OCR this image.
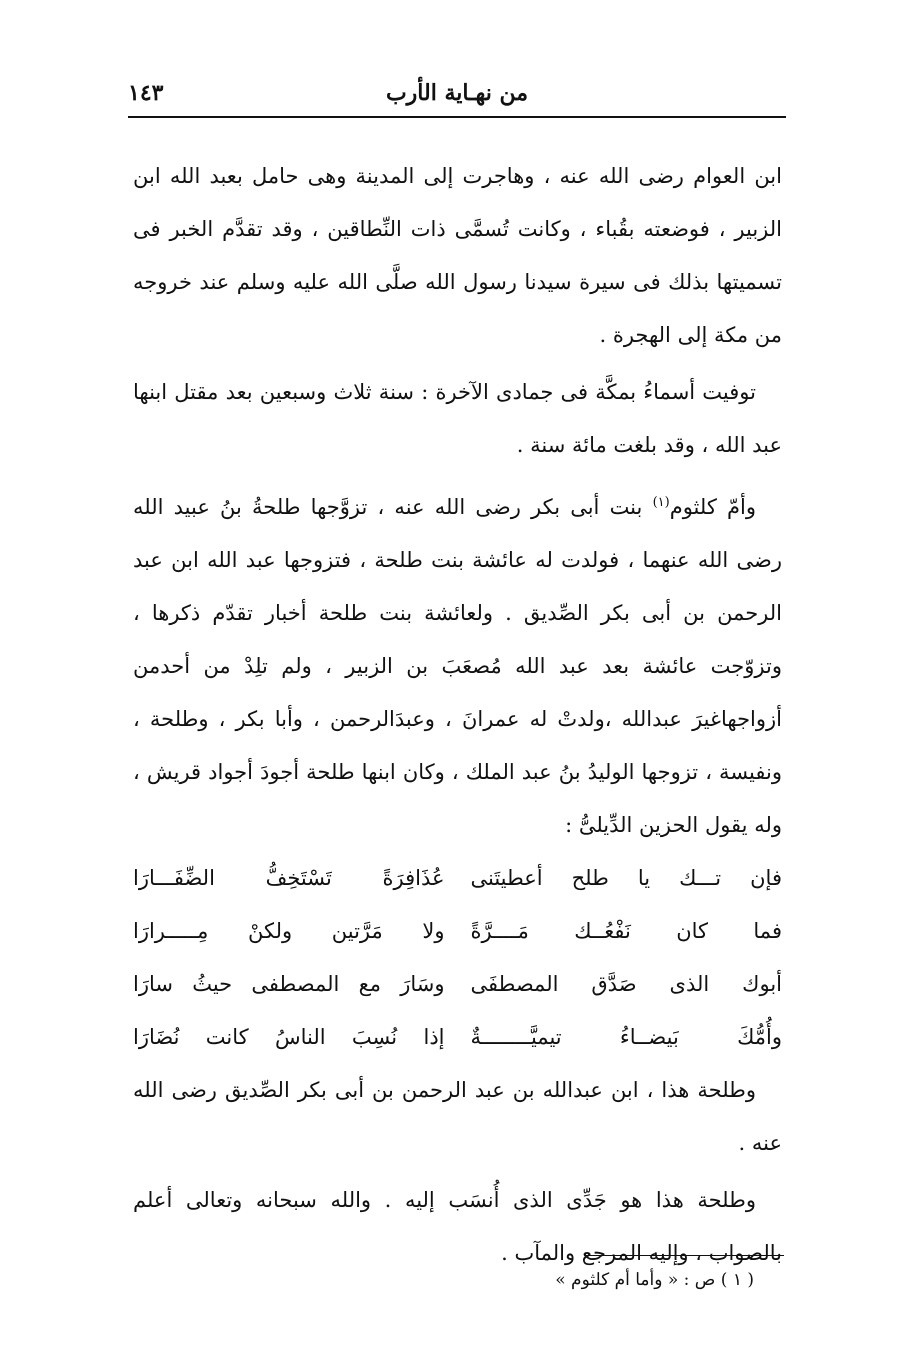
من نهـاية الأرب
١٤٣

ابن العوام رضى الله عنه ، وهاجرت إلى المدينة وهى حامل بعبد الله ابن الزبير ، فوضعته بقُباء ، وكانت تُسمَّى ذات النِّطاقين ، وقد تقدَّم الخبر فى تسميتها بذلك فى سيرة سيدنا رسول الله صلَّى الله عليه وسلم عند خروجه من مكة إلى الهجرة .

توفيت أسماءُ بمكَّة فى جمادى الآخرة : سنة ثلاث وسبعين بعد مقتل ابنها عبد الله ، وقد بلغت مائة سنة .

وأمّ كلثوم$^{(١)}$ بنت أبى بكر رضى الله عنه ، تزوَّجها طلحةُ بنُ عبيد الله رضى الله عنهما ، فولدت له عائشة بنت طلحة ، فتزوجها عبد الله ابن عبد الرحمن بن أبى بكر الصِّديق . ولعائشة بنت طلحة أخبار تقدّم ذكرها ، وتزوّجت عائشة بعد عبد الله مُصعَبَ بن الزبير ، ولم تلِدْ من أحدمن أزواجهاغيرَ عبدالله ،ولدتْ له عمرانَ ، وعبدَالرحمن ، وأبا بكر ، وطلحة ، ونفيسة ، تزوجها الوليدُ بنُ عبد الملك ، وكان ابنها طلحة أجودَ أجواد قريش ، وله يقول الحزين الدِّيلىُّ :

فإن تـــك يا طلح أعطيتَنى
عُذَافِرَةً تَسْتَخِفُّ الضِّفَـــارَا
فما كان نَفْعُــك مَــــرَّةً
ولا مَرَّتين ولكنْ مِـــــرارَا
أبوك الذى صَدَّق المصطفَى
وسَارَ مع المصطفى حيثُ سارَا
وأُمُّكَ بَيضــاءُ تيميَّــــــــةٌ
إذا نُسِبَ الناسُ كانت نُضَارَا

وطلحة هذا ، ابن عبدالله بن عبد الرحمن بن أبى بكر الصِّديق رضى الله عنه .

وطلحة هذا هو جَدِّى الذى أُنسَب إليه . والله سبحانه وتعالى أعلم بالصواب ، وإليه المرجع والمآب .

( ١ ) ص : « وأما أم كلثوم »
